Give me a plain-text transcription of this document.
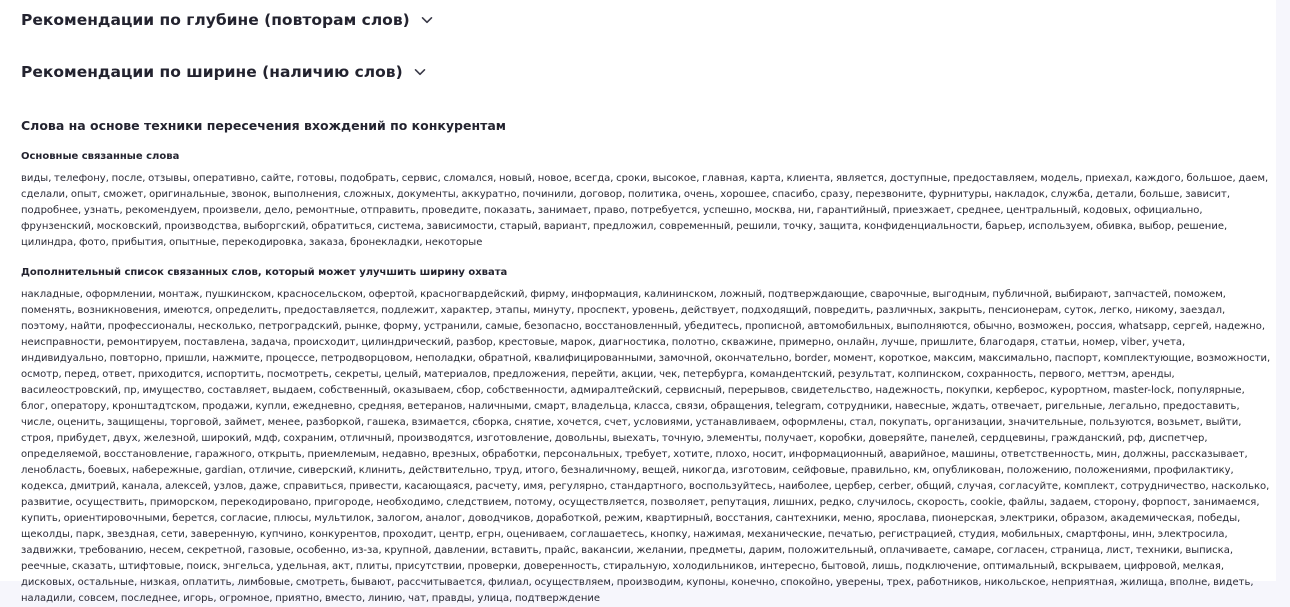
Рекомендации по глубине (повторам слов)
Рекомендации по ширине (наличию слов)
Слова на основе техники пересечения вхождений по конкурентам
Основные связанные слова
виды, телефону, после, отзывы, оперативно, сайте, готовы, подобрать, сервис, сломался, новый, новое, всегда, сроки, высокое, главная, карта, клиента, является, доступные, предоставляем, модель, приехал, каждого, большое, даем, сделали, опыт, сможет, оригинальные, звонок, выполнения, сложных, документы, аккуратно, починили, договор, политика, очень, хорошее, спасибо, сразу, перезвоните, фурнитуры, накладок, служба, детали, больше, зависит, подробнее, узнать, рекомендуем, произвели, дело, ремонтные, отправить, проведите, показать, занимает, право, потребуется, успешно, москва, ни, гарантийный, приезжает, среднее, центральный, кодовых, официально, фрунзенский, московский, производства, выборгский, обратиться, система, зависимости, старый, вариант, предложил, современный, решили, точку, защита, конфиденциальности, барьер, используем, обивка, выбор, решение, цилиндра, фото, прибытия, опытные, перекодировка, заказа, бронекладки, некоторые
Дополнительный список связанных слов, который может улучшить ширину охвата
накладные, оформлении, монтаж, пушкинском, красносельском, офертой, красногвардейский, фирму, информация, калининском, ложный, подтверждающие, сварочные, выгодным, публичной, выбирают, запчастей, поможем, поменять, возникновения, имеются, определить, предоставляется, подлежит, характер, этапы, минуту, проспект, уровень, действует, подходящий, повредить, различных, закрыть, пенсионерам, суток, легко, никому, заездал, поэтому, найти, профессионалы, несколько, петроградский, рынке, форму, устранили, самые, безопасно, восстановленный, убедитесь, прописной, автомобильных, выполняются, обычно, возможен, россия, whatsapp, сергей, надежно, неисправности, ремонтируем, поставлена, задача, происходит, цилиндрический, разбор, крестовые, марок, диагностика, полотно, скважине, примерно, онлайн, лучше, пришлите, благодаря, статьи, номер, viber, учета, индивидуально, повторно, пришли, нажмите, процессе, петродворцовом, неполадки, обратной, квалифицированными, замочной, окончательно, border, момент, короткое, максим, максимально, паспорт, комплектующие, возможности, осмотр, перед, ответ, приходится, испортить, посмотреть, секреты, целый, материалов, предложения, перейти, акции, чек, петербурга, командентский, результат, колпинском, сохранность, первого, меттэм, аренды, василеостровский, пр, имущество, составляет, выдаем, собственный, оказываем, сбор, собственности, адмиралтейский, сервисный, перерывов, свидетельство, надежность, покупки, керберос, курортном, master-lock, популярные, блог, оператору, кронштадтском, продажи, купли, ежедневно, средняя, ветеранов, наличными, смарт, владельца, класса, связи, обращения, telegram, сотрудники, навесные, ждать, отвечает, ригельные, легально, предоставить, числе, оценить, защищены, торговой, займет, менее, разборкой, гашека, взимается, сборка, снятие, хочется, счет, условиями, устанавливаем, оформлены, стал, покупать, организации, значительные, пользуются, возьмет, выйти, строя, прибудет, двух, железной, широкий, мдф, сохраним, отличный, производятся, изготовление, довольны, выехать, точную, элементы, получает, коробки, доверяйте, панелей, сердцевины, гражданский, рф, диспетчер, определяемой, восстановление, гаражного, открыть, приемлемым, недавно, врезных, обработки, персональных, требует, хотите, плохо, носит, информационный, аварийное, машины, ответственность, мин, должны, рассказывает, ленобласть, боевых, набережные, gardian, отличие, сиверский, клинить, действительно, труд, итого, безналичному, вещей, никогда, изготовим, сейфовые, правильно, км, опубликован, положению, положениями, профилактику, кодекса, дмитрий, канала, алексей, узлов, даже, справиться, привести, касающаяся, расчету, имя, регулярно, стандартного, воспользуйтесь, наиболее, цербер, cerber, общий, случая, согласуйте, комплект, сотрудничество, насколько, развитие, осуществить, приморском, перекодировано, пригороде, необходимо, следствием, потому, осуществляется, позволяет, репутация, лишних, редко, случилось, скорость, cookie, файлы, задаем, сторону, форпост, занимаемся, купить, ориентировочными, берется, согласие, плюсы, мультилок, залогом, аналог, доводчиков, доработкой, режим, квартирный, восстания, сантехники, меню, ярослава, пионерская, электрики, образом, академическая, победы, щеколды, парк, звездная, сети, заверенную, купчино, конкурентов, проходит, центр, егрн, оцениваем, соглашаетесь, кнопку, нажимая, механические, печатью, регистрацией, студия, мобильных, смартфоны, инн, электросила, задвижки, требованию, несем, секретной, газовые, особенно, из-за, крупной, давлении, вставить, прайс, вакансии, желании, предметы, дарим, положительный, оплачиваете, самаре, согласен, страница, лист, техники, выписка, реечные, сказать, штифтовые, поиск, энгельса, удельная, акт, плиты, присутствии, проверки, доверенность, стиральную, холодильников, интересно, бытовой, лишь, подключение, оптимальный, вскрываем, цифровой, мелкая, дисковых, остальные, низкая, оплатить, лимбовые, смотреть, бывают, рассчитывается, филиал, осуществляем, производим, купоны, конечно, спокойно, уверены, трех, работников, никольское, неприятная, жилища, вполне, видеть, наладили, совсем, последнее, игорь, огромное, приятно, вместо, линию, чат, правды, улица, подтверждение
